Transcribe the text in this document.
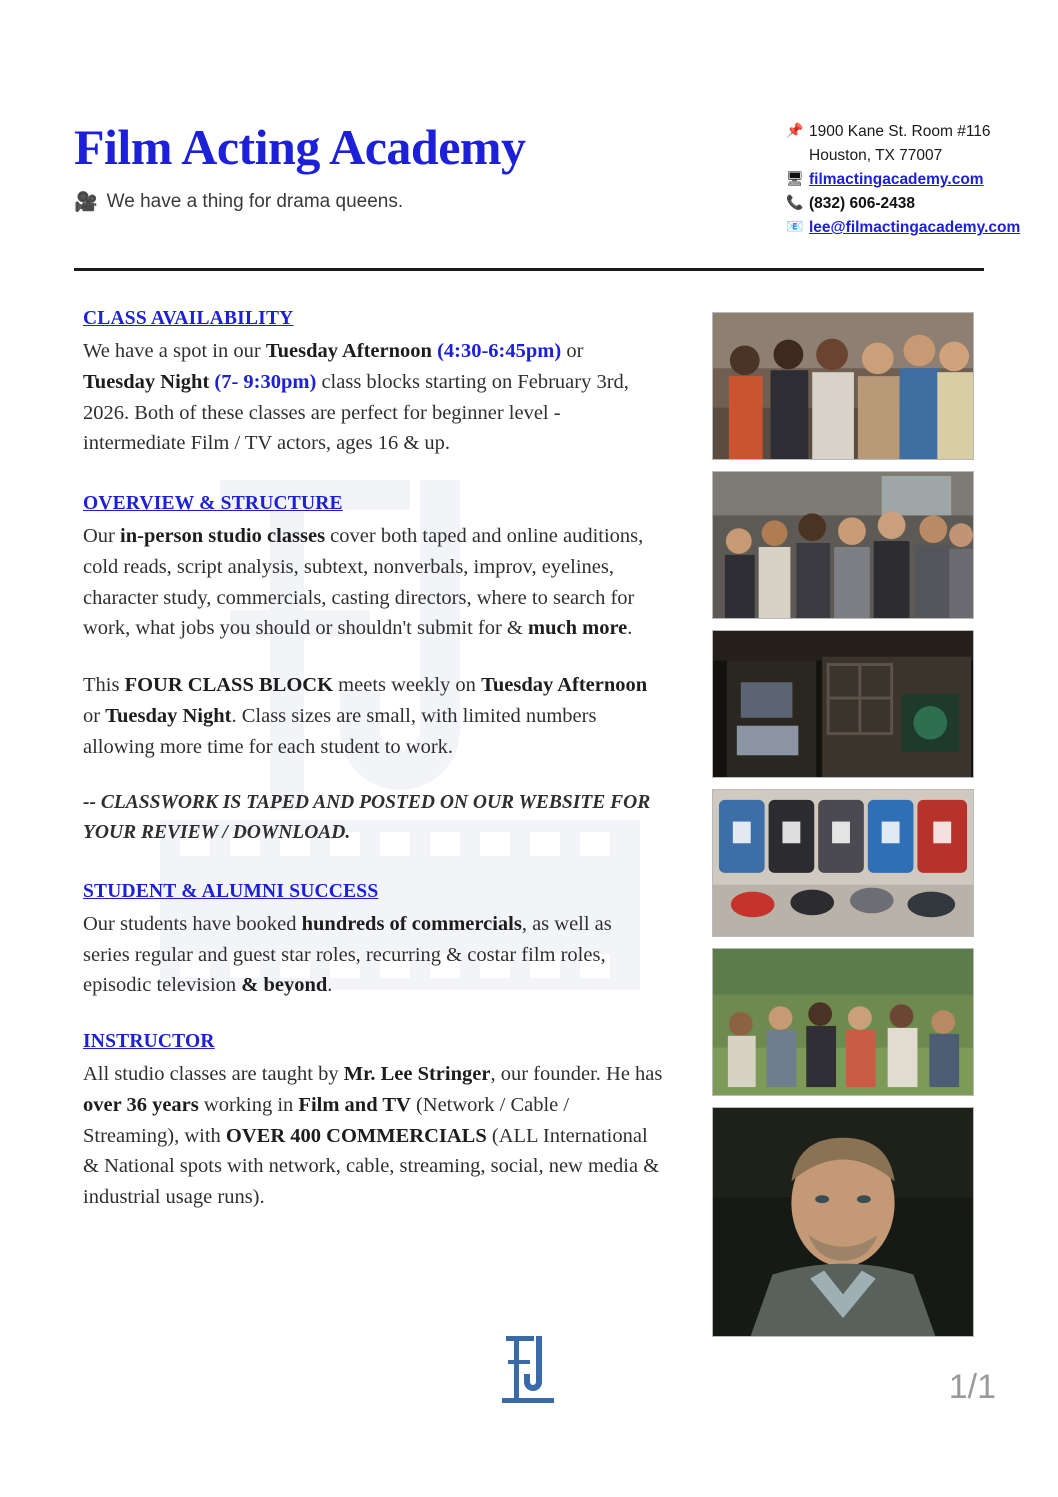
Film Acting Academy
🎥 We have a thing for drama queens.
📌 1900 Kane St. Room #116
Houston, TX 77007
🖥 filmactingacademy.com
📞 (832) 606-2438
📧 lee@filmactingacademy.com
CLASS AVAILABILITY

We have a spot in our Tuesday Afternoon (4:30-6:45pm) or
Tuesday Night (7- 9:30pm) class blocks starting on February 3rd, 2026. Both of these classes are perfect for beginner level - intermediate Film / TV actors, ages 16 & up.

OVERVIEW & STRUCTURE

Our in-person studio classes cover both taped and online auditions, cold reads, script analysis, subtext, nonverbals, improv, eyelines, character study, commercials, casting directors, where to search for work, what jobs you should or shouldn't submit for & much more.

This FOUR CLASS BLOCK meets weekly on Tuesday Afternoon or Tuesday Night. Class sizes are small, with limited numbers allowing more time for each student to work.

-- CLASSWORK IS TAPED AND POSTED ON OUR WEBSITE FOR YOUR REVIEW / DOWNLOAD.

STUDENT & ALUMNI SUCCESS

Our students have booked hundreds of commercials, as well as series regular and guest star roles, recurring & costar film roles, episodic television & beyond.

INSTRUCTOR

All studio classes are taught by Mr. Lee Stringer, our founder. He has over 36 years working in Film and TV (Network / Cable / Streaming), with OVER 400 COMMERCIALS (ALL International & National spots with network, cable, streaming, social, new media & industrial usage runs).

1/1
